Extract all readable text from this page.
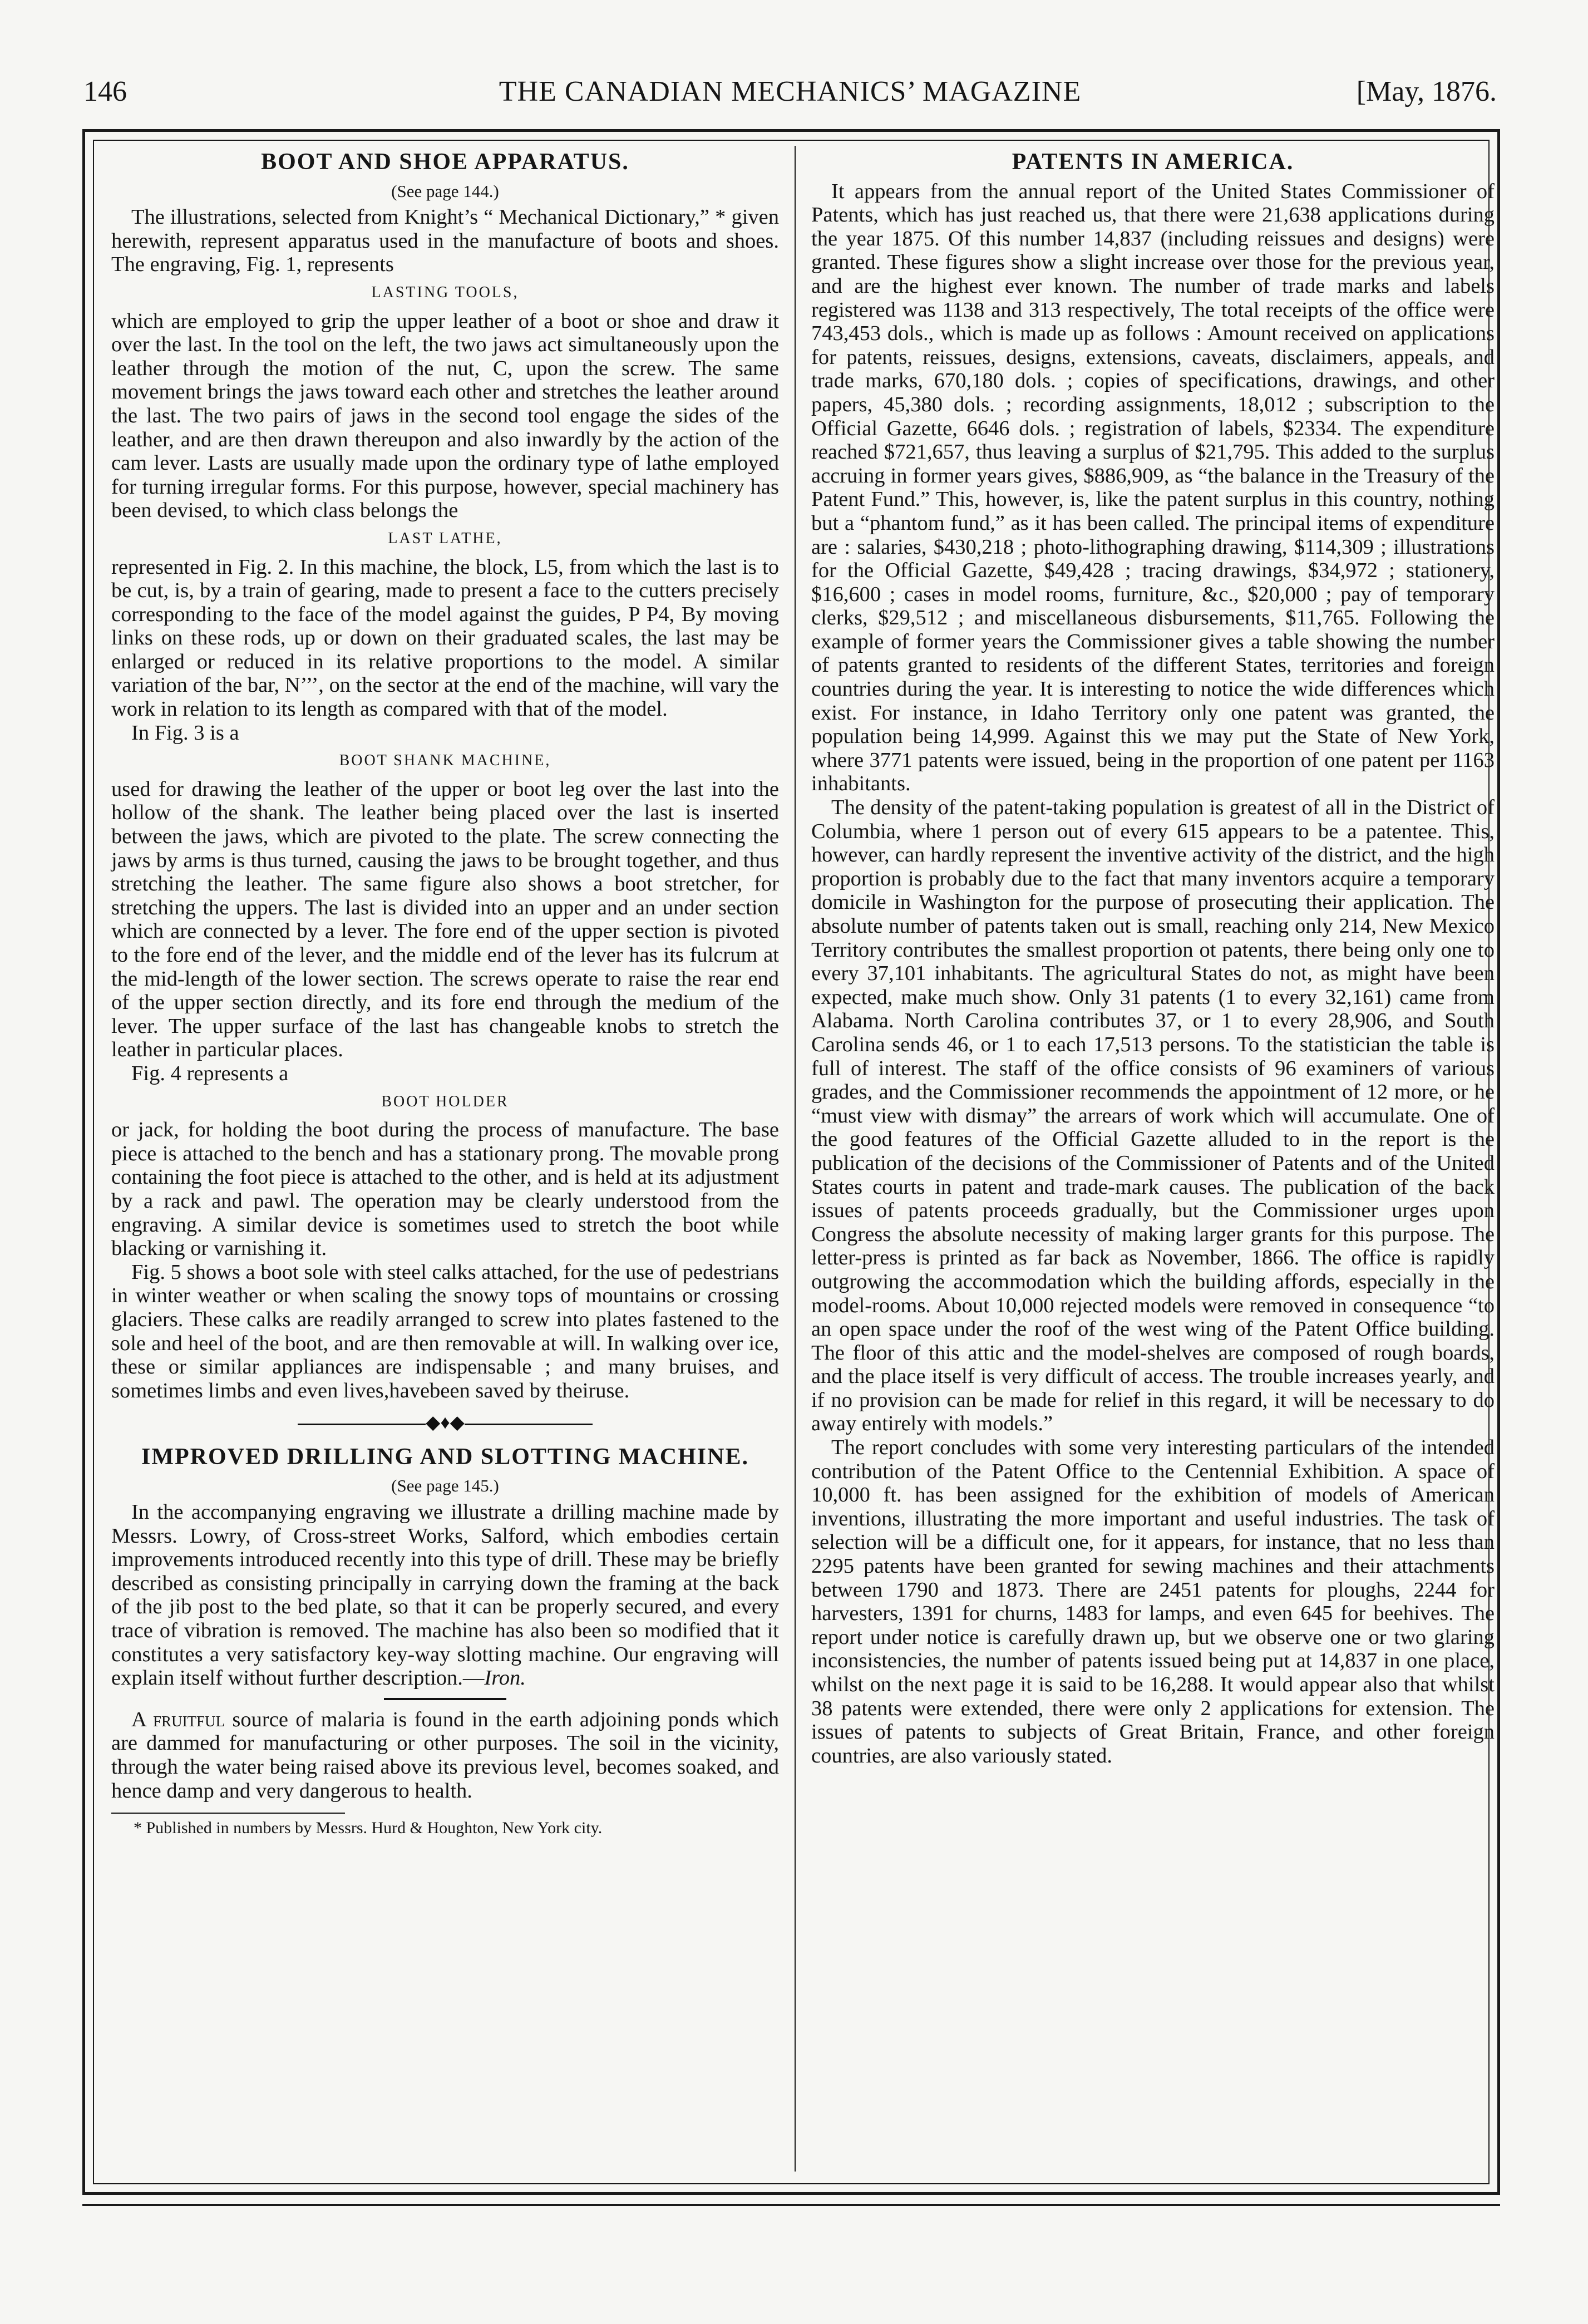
146	THE CANADIAN MECHANICS’ MAGAZINE	[May, 1876.
BOOT AND SHOE APPARATUS.
(See page 144.)

The illustrations, selected from Knight’s “ Mechanical Dictionary,” * given herewith, represent apparatus used in the manufacture of boots and shoes. The engraving, Fig. 1, represents

LASTING TOOLS,

which are employed to grip the upper leather of a boot or shoe and draw it over the last. In the tool on the left, the two jaws act simultaneously upon the leather through the motion of the nut, C, upon the screw. The same movement brings the jaws toward each other and stretches the leather around the last. The two pairs of jaws in the second tool engage the sides of the leather, and are then drawn thereupon and also inwardly by the action of the cam lever. Lasts are usually made upon the ordinary type of lathe employed for turning irregular forms. For this purpose, however, special machinery has been devised, to which class belongs the

LAST LATHE,

represented in Fig. 2. In this machine, the block, L5, from which the last is to be cut, is, by a train of gearing, made to present a face to the cutters precisely corresponding to the face of the model against the guides, P P4, By moving links on these rods, up or down on their graduated scales, the last may be enlarged or reduced in its relative proportions to the model. A similar variation of the bar, N’’’, on the sector at the end of the machine, will vary the work in relation to its length as compared with that of the model.

In Fig. 3 is a

BOOT SHANK MACHINE,

used for drawing the leather of the upper or boot leg over the last into the hollow of the shank. The leather being placed over the last is inserted between the jaws, which are pivoted to the plate. The screw connecting the jaws by arms is thus turned, causing the jaws to be brought together, and thus stretching the leather. The same figure also shows a boot stretcher, for stretching the uppers. The last is divided into an upper and an under section which are connected by a lever. The fore end of the upper section is pivoted to the fore end of the lever, and the middle end of the lever has its fulcrum at the mid-length of the lower section. The screws operate to raise the rear end of the upper section directly, and its fore end through the medium of the lever. The upper surface of the last has changeable knobs to stretch the leather in particular places.

Fig. 4 represents a

BOOT HOLDER

or jack, for holding the boot during the process of manufacture. The base piece is attached to the bench and has a stationary prong. The movable prong containing the foot piece is attached to the other, and is held at its adjustment by a rack and pawl. The operation may be clearly understood from the engraving. A similar device is sometimes used to stretch the boot while blacking or varnishing it.

Fig. 5 shows a boot sole with steel calks attached, for the use of pedestrians in winter weather or when scaling the snowy tops of mountains or crossing glaciers. These calks are readily arranged to screw into plates fastened to the sole and heel of the boot, and are then removable at will. In walking over ice, these or similar appliances are indispensable ; and many bruises, and sometimes limbs and even lives,havebeen saved by theiruse.

◆♦◆
IMPROVED DRILLING AND SLOTTING MACHINE.
(See page 145.)

In the accompanying engraving we illustrate a drilling machine made by Messrs. Lowry, of Cross-street Works, Salford, which embodies certain improvements introduced recently into this type of drill. These may be briefly described as consisting principally in carrying down the framing at the back of the jib post to the bed plate, so that it can be properly secured, and every trace of vibration is removed. The machine has also been so modified that it constitutes a very satisfactory key-way slotting machine. Our engraving will explain itself without further description.—Iron.

A fruitful source of malaria is found in the earth adjoining ponds which are dammed for manufacturing or other purposes. The soil in the vicinity, through the water being raised above its previous level, becomes soaked, and hence damp and very dangerous to health.

* Published in numbers by Messrs. Hurd & Houghton, New York city.

PATENTS IN AMERICA.

It appears from the annual report of the United States Commissioner of Patents, which has just reached us, that there were 21,638 applications during the year 1875. Of this number 14,837 (including reissues and designs) were granted. These figures show a slight increase over those for the previous year, and are the highest ever known. The number of trade marks and labels registered was 1138 and 313 respectively, The total receipts of the office were 743,453 dols., which is made up as follows : Amount received on applications for patents, reissues, designs, extensions, caveats, disclaimers, appeals, and trade marks, 670,180 dols. ; copies of specifications, drawings, and other papers, 45,380 dols. ; recording assignments, 18,012 ; subscription to the Official Gazette, 6646 dols. ; registration of labels, $2334. The expenditure reached $721,657, thus leaving a surplus of $21,795. This added to the surplus accruing in former years gives, $886,909, as “the balance in the Treasury of the Patent Fund.” This, however, is, like the patent surplus in this country, nothing but a “phantom fund,” as it has been called. The principal items of expenditure are : salaries, $430,218 ; photo-lithographing drawing, $114,309 ; illustrations for the Official Gazette, $49,428 ; tracing drawings, $34,972 ; stationery, $16,600 ; cases in model rooms, furniture, &c., $20,000 ; pay of temporary clerks, $29,512 ; and miscellaneous disbursements, $11,765. Following the example of former years the Commissioner gives a table showing the number of patents granted to residents of the different States, territories and foreign countries during the year. It is interesting to notice the wide differences which exist. For instance, in Idaho Territory only one patent was granted, the population being 14,999. Against this we may put the State of New York, where 3771 patents were issued, being in the proportion of one patent per 1163 inhabitants.

The density of the patent-taking population is greatest of all in the District of Columbia, where 1 person out of every 615 appears to be a patentee. This, however, can hardly represent the inventive activity of the district, and the high proportion is probably due to the fact that many inventors acquire a temporary domicile in Washington for the purpose of prosecuting their application. The absolute number of patents taken out is small, reaching only 214, New Mexico Territory contributes the smallest proportion ot patents, there being only one to every 37,101 inhabitants. The agricultural States do not, as might have been expected, make much show. Only 31 patents (1 to every 32,161) came from Alabama. North Carolina contributes 37, or 1 to every 28,906, and South Carolina sends 46, or 1 to each 17,513 persons. To the statistician the table is full of interest. The staff of the office consists of 96 examiners of various grades, and the Commissioner recommends the appointment of 12 more, or he “must view with dismay” the arrears of work which will accumulate. One of the good features of the Official Gazette alluded to in the report is the publication of the decisions of the Commissioner of Patents and of the United States courts in patent and trade-mark causes. The publication of the back issues of patents proceeds gradually, but the Commissioner urges upon Congress the absolute necessity of making larger grants for this purpose. The letter-press is printed as far back as November, 1866. The office is rapidly outgrowing the accommodation which the building affords, especially in the model-rooms. About 10,000 rejected models were removed in consequence “to an open space under the roof of the west wing of the Patent Office building. The floor of this attic and the model-shelves are composed of rough boards, and the place itself is very difficult of access. The trouble increases yearly, and if no provision can be made for relief in this regard, it will be necessary to do away entirely with models.”

The report concludes with some very interesting particulars of the intended contribution of the Patent Office to the Centennial Exhibition. A space of 10,000 ft. has been assigned for the exhibition of models of American inventions, illustrating the more important and useful industries. The task of selection will be a difficult one, for it appears, for instance, that no less than 2295 patents have been granted for sewing machines and their attachments between 1790 and 1873. There are 2451 patents for ploughs, 2244 for harvesters, 1391 for churns, 1483 for lamps, and even 645 for beehives. The report under notice is carefully drawn up, but we observe one or two glaring inconsistencies, the number of patents issued being put at 14,837 in one place, whilst on the next page it is said to be 16,288. It would appear also that whilst 38 patents were extended, there were only 2 applications for extension. The issues of patents to subjects of Great Britain, France, and other foreign countries, are also variously stated.
